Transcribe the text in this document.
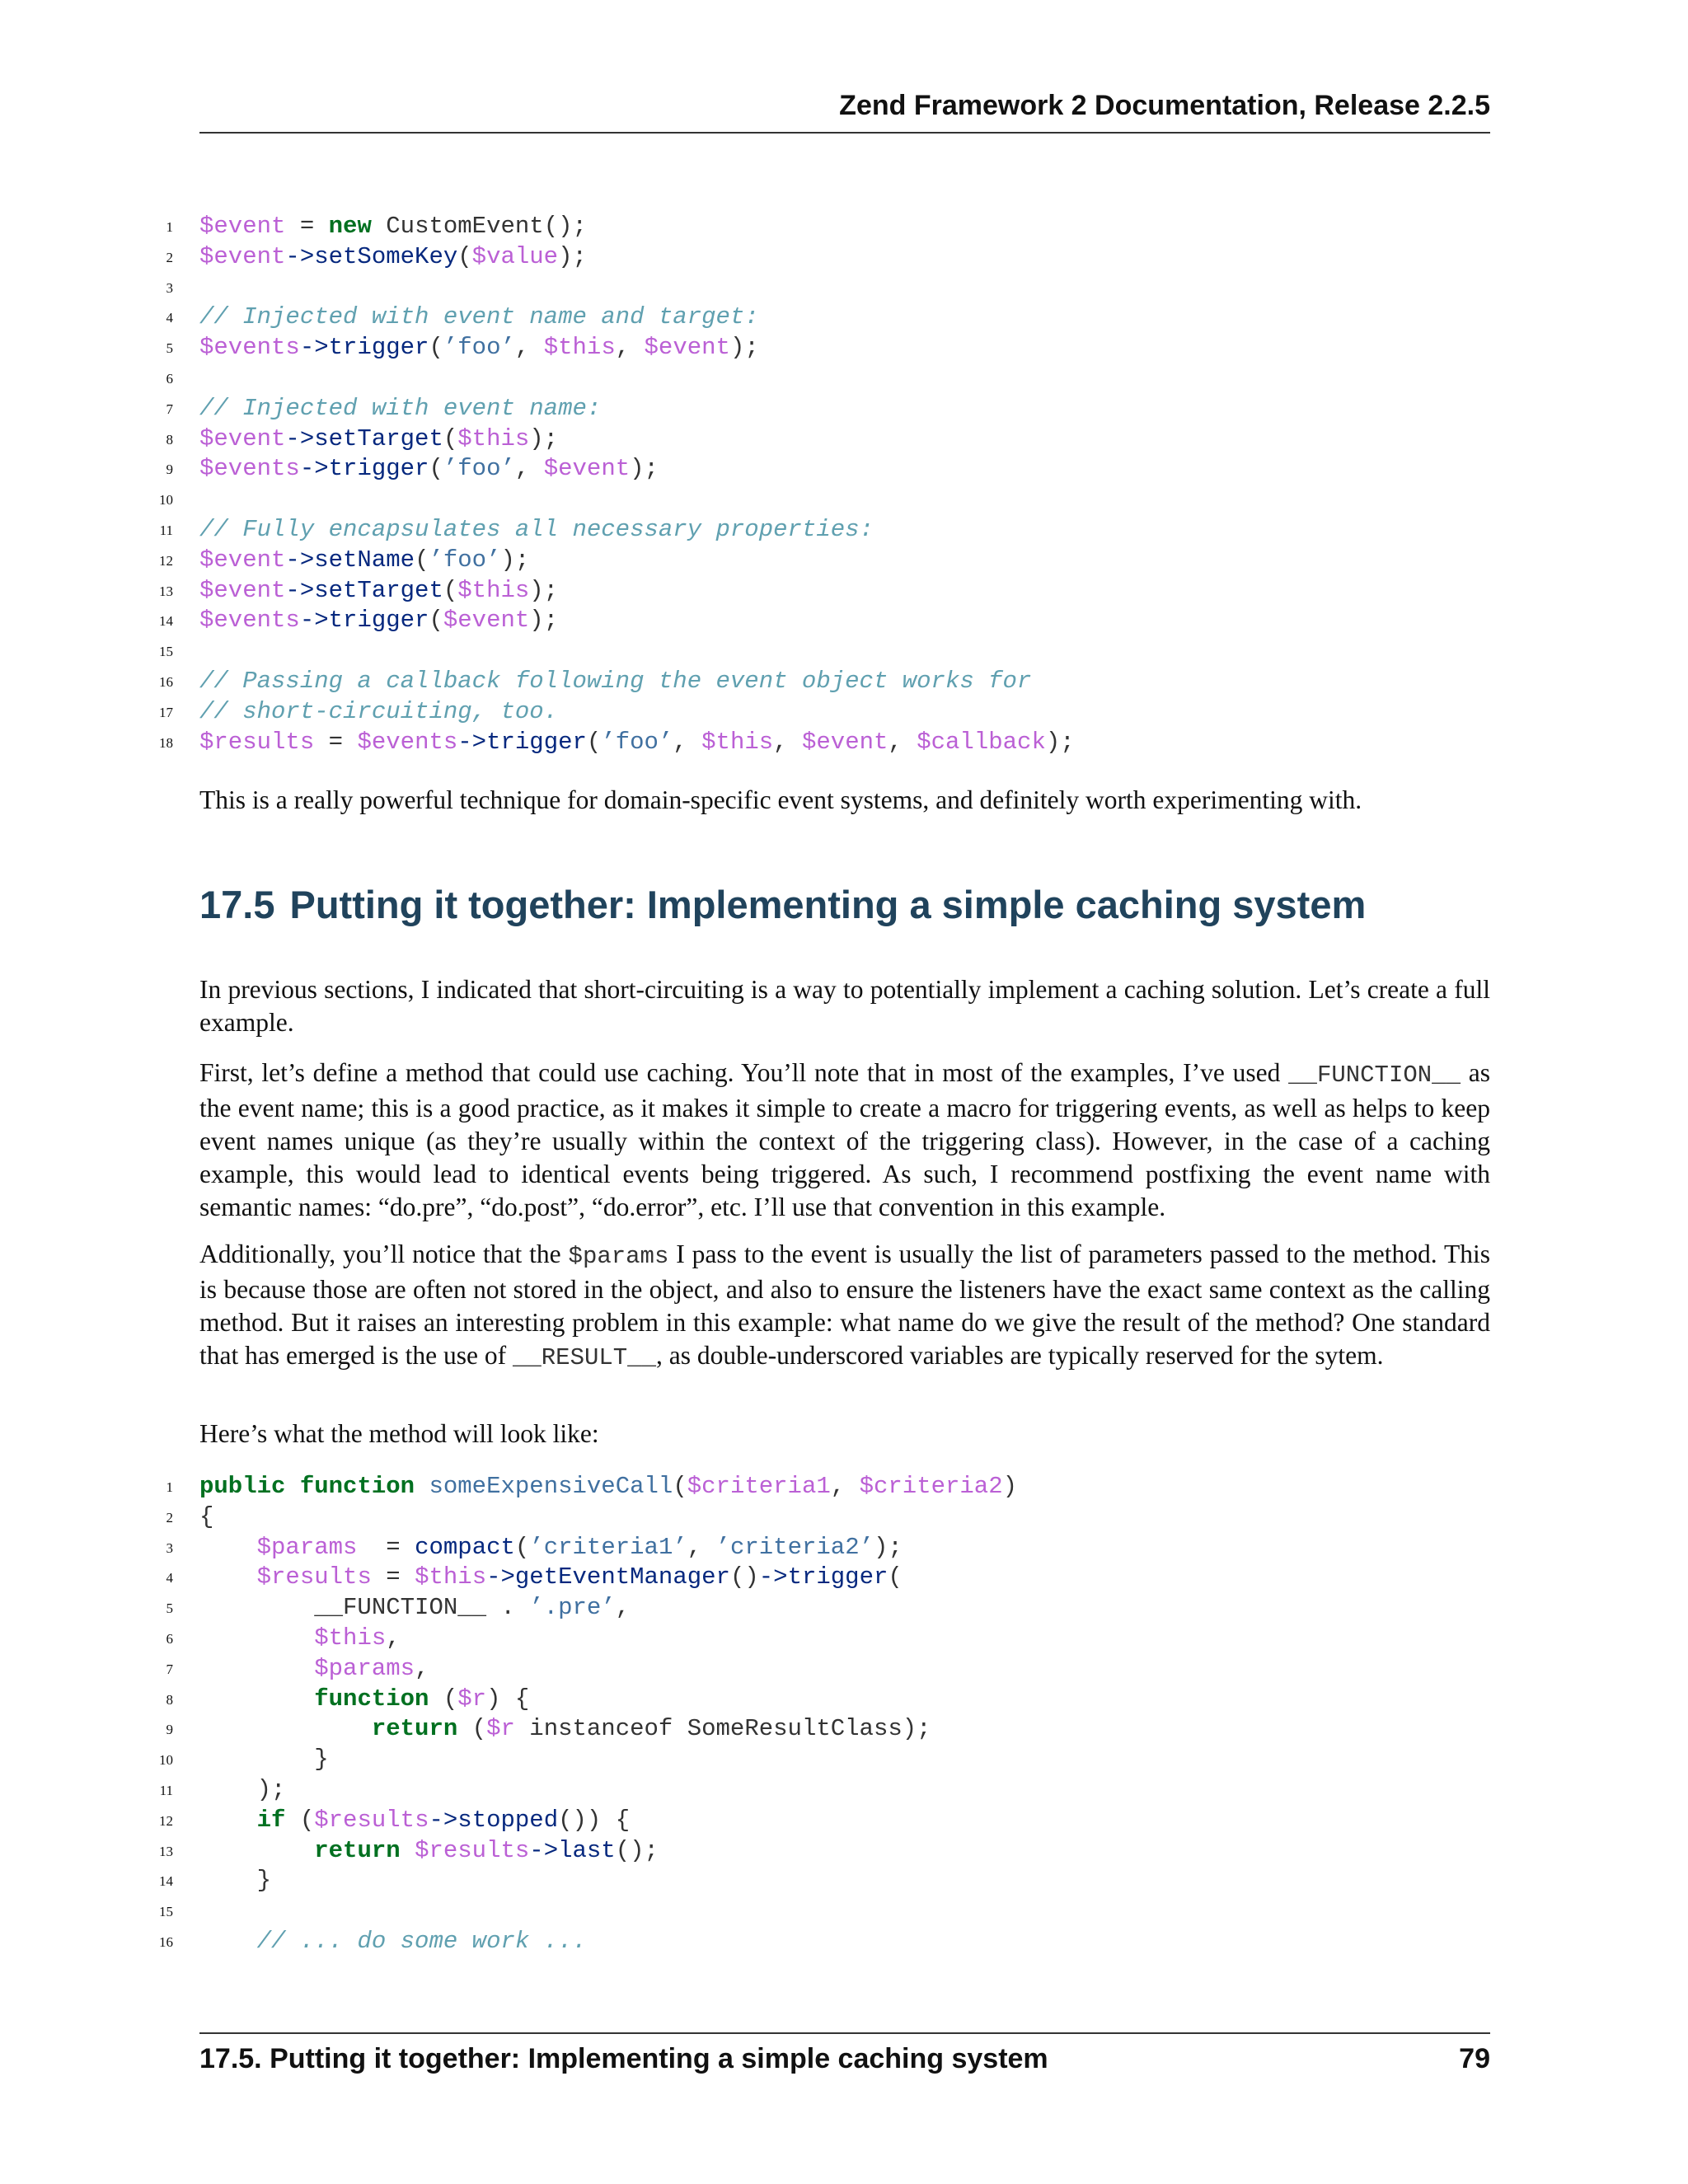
Zend Framework 2 Documentation, Release 2.2.5
1 $event = new CustomEvent();
2 $event->setSomeKey($value);
3
4 // Injected with event name and target:
5 $events->trigger(’foo’, $this, $event);
6
7 // Injected with event name:
8 $event->setTarget($this);
9 $events->trigger(’foo’, $event);
10
11 // Fully encapsulates all necessary properties:
12 $event->setName(’foo’);
13 $event->setTarget($this);
14 $events->trigger($event);
15
16 // Passing a callback following the event object works for
17 // short-circuiting, too.
18 $results = $events->trigger(’foo’, $this, $event, $callback);

This is a really powerful technique for domain-specific event systems, and definitely worth experimenting with.

17.5 Putting it together: Implementing a simple caching system

In previous sections, I indicated that short-circuiting is a way to potentially implement a caching solution. Let’s create a full example.

First, let’s define a method that could use caching. You’ll note that in most of the examples, I’ve used __FUNCTION__ as the event name; this is a good practice, as it makes it simple to create a macro for triggering events, as well as helps to keep event names unique (as they’re usually within the context of the triggering class). However, in the case of a caching example, this would lead to identical events being triggered. As such, I recommend postfixing the event name with semantic names: “do.pre”, “do.post”, “do.error”, etc. I’ll use that convention in this example.

Additionally, you’ll notice that the $params I pass to the event is usually the list of parameters passed to the method. This is because those are often not stored in the object, and also to ensure the listeners have the exact same context as the calling method. But it raises an interesting problem in this example: what name do we give the result of the method? One standard that has emerged is the use of __RESULT__, as double-underscored variables are typically reserved for the sytem.

Here’s what the method will look like:

1 public function someExpensiveCall($criteria1, $criteria2)
2 {
3	$params  = compact(’criteria1’, ’criteria2’);
4	$results = $this->getEventManager()->trigger(
5 __FUNCTION__ . ’.pre’,
6	$this,
7	$params,
8	function ($r) {
9	return ($r instanceof SomeResultClass);
10 }
11 );
12	if ($results->stopped()) {
13	return $results->last();
14 }
15
16	// ... do some work ...
17.5. Putting it together: Implementing a simple caching system	79
